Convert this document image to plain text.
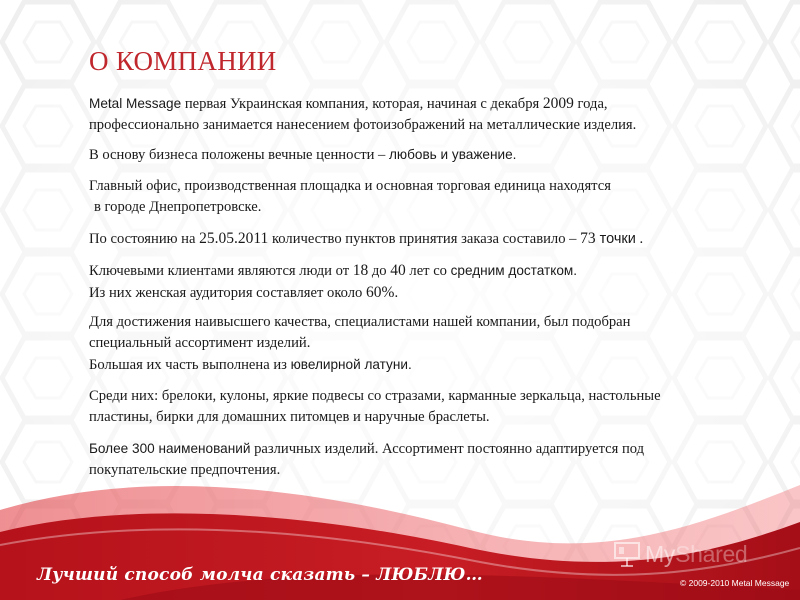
О КОМПАНИИ

Metal Message первая Украинская компания, которая, начиная с декабря 2009 года,
профессионально занимается нанесением фотоизображений на металлические изделия.

В основу бизнеса положены вечные ценности – любовь и уважение.

Главный офис, производственная площадка и основная торговая единица находятся
в городе Днепропетровске.

По состоянию на 25.05.2011 количество пунктов принятия заказа составило – 73 точки .

Ключевыми клиентами являются люди от 18 до 40 лет со средним достатком.
Из них женская аудитория составляет около 60%.

Для достижения наивысшего качества, специалистами нашей компании, был подобран
специальный ассортимент изделий.
Большая их часть выполнена из ювелирной латуни.

Среди них: брелоки, кулоны, яркие подвесы со стразами, карманные зеркальца, настольные
пластины, бирки для домашних питомцев и наручные браслеты.

Более 300 наименований различных изделий. Ассортимент постоянно адаптируется под
покупательские предпочтения.

Лучший способ молча сказать – ЛЮБЛЮ…
MyShared
© 2009-2010 Metal Message
